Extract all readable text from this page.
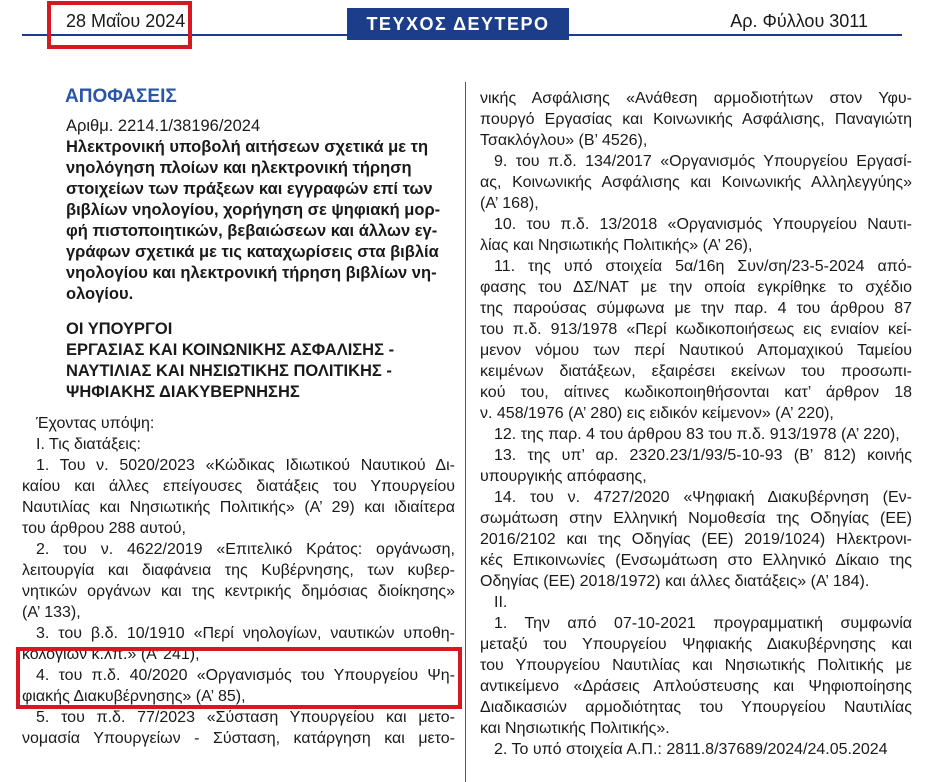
28 Μαΐου 2024	ΤΕΥΧΟΣ ΔΕΥΤΕΡΟ	Αρ. Φύλλου 3011
ΑΠΟΦΑΣΕΙΣ
Αριθμ. 2214.1/38196/2024
Ηλεκτρονική υποβολή αιτήσεων σχετικά με τη
νηολόγηση πλοίων και ηλεκτρονική τήρηση
στοιχείων των πράξεων και εγγραφών επί των
βιβλίων νηολογίου, χορήγηση σε ψηφιακή μορ-
φή πιστοποιητικών, βεβαιώσεων και άλλων εγ-
γράφων σχετικά με τις καταχωρίσεις στα βιβλία
νηολογίου και ηλεκτρονική τήρηση βιβλίων νη-
ολογίου.
ΟΙ ΥΠΟΥΡΓΟΙ
ΕΡΓΑΣΙΑΣ ΚΑΙ ΚΟΙΝΩΝΙΚΗΣ ΑΣΦΑΛΙΣΗΣ -
ΝΑΥΤΙΛΙΑΣ ΚΑΙ ΝΗΣΙΩΤΙΚΗΣ ΠΟΛΙΤΙΚΗΣ -
ΨΗΦΙΑΚΗΣ ΔΙΑΚΥΒΕΡΝΗΣΗΣ
Έχοντας υπόψη:
Ι. Τις διατάξεις:
1. Του ν. 5020/2023 «Κώδικας Ιδιωτικού Ναυτικού Δι-
καίου και άλλες επείγουσες διατάξεις του Υπουργείου
Ναυτιλίας και Νησιωτικής Πολιτικής» (Α’ 29) και ιδιαίτερα
του άρθρου 288 αυτού,
2. του ν. 4622/2019 «Επιτελικό Κράτος: οργάνωση,
λειτουργία και διαφάνεια της Κυβέρνησης, των κυβερ-
νητικών οργάνων και της κεντρικής δημόσιας διοίκησης»
(Α’ 133),
3. του β.δ. 10/1910 «Περί νηολογίων, ναυτικών υποθη-
κολογίων κ.λπ.» (Α’ 241),
4. του π.δ. 40/2020 «Οργανισμός του Υπουργείου Ψη-
φιακής Διακυβέρνησης» (Α’ 85),
5. του π.δ. 77/2023 «Σύσταση Υπουργείου και μετο-
νομασία Υπουργείων - Σύσταση, κατάργηση και μετο-
νικής Ασφάλισης «Ανάθεση αρμοδιοτήτων στον Υφυ-
πουργό Εργασίας και Κοινωνικής Ασφάλισης, Παναγιώτη
Τσακλόγλου» (Β’ 4526),
9. του π.δ. 134/2017 «Οργανισμός Υπουργείου Εργασί-
ας, Κοινωνικής Ασφάλισης και Κοινωνικής Αλληλεγγύης»
(Α’ 168),
10. του π.δ. 13/2018 «Οργανισμός Υπουργείου Ναυτι-
λίας και Νησιωτικής Πολιτικής» (Α’ 26),
11. της υπό στοιχεία 5α/16η Συν/ση/23-5-2024 από-
φασης του ΔΣ/ΝΑΤ με την οποία εγκρίθηκε το σχέδιο
της παρούσας σύμφωνα με την παρ. 4 του άρθρου 87
του π.δ. 913/1978 «Περί κωδικοποιήσεως εις ενιαίον κεί-
μενον νόμου των περί Ναυτικού Απομαχικού Ταμείου
κειμένων διατάξεων, εξαιρέσει εκείνων του προσωπι-
κού του, αίτινες κωδικοποιηθήσονται κατ’ άρθρον 18
ν. 458/1976 (Α’ 280) εις ειδικόν κείμενον» (Α’ 220),
12. της παρ. 4 του άρθρου 83 του π.δ. 913/1978 (Α’ 220),
13. της υπ’ αρ. 2320.23/1/93/5-10-93 (Β’ 812) κοινής
υπουργικής απόφασης,
14. του ν. 4727/2020 «Ψηφιακή Διακυβέρνηση (Εν-
σωμάτωση στην Ελληνική Νομοθεσία της Οδηγίας (ΕΕ)
2016/2102 και της Οδηγίας (ΕΕ) 2019/1024) Ηλεκτρονι-
κές Επικοινωνίες (Ενσωμάτωση στο Ελληνικό Δίκαιο της
Οδηγίας (ΕΕ) 2018/1972) και άλλες διατάξεις» (Α’ 184).
ΙΙ.
1. Την από 07-10-2021 προγραμματική συμφωνία
μεταξύ του Υπουργείου Ψηφιακής Διακυβέρνησης και
του Υπουργείου Ναυτιλίας και Νησιωτικής Πολιτικής με
αντικείμενο «Δράσεις Απλούστευσης και Ψηφιοποίησης
Διαδικασιών αρμοδιότητας του Υπουργείου Ναυτιλίας
και Νησιωτικής Πολιτικής».
2. Το υπό στοιχεία Α.Π.: 2811.8/37689/2024/24.05.2024
